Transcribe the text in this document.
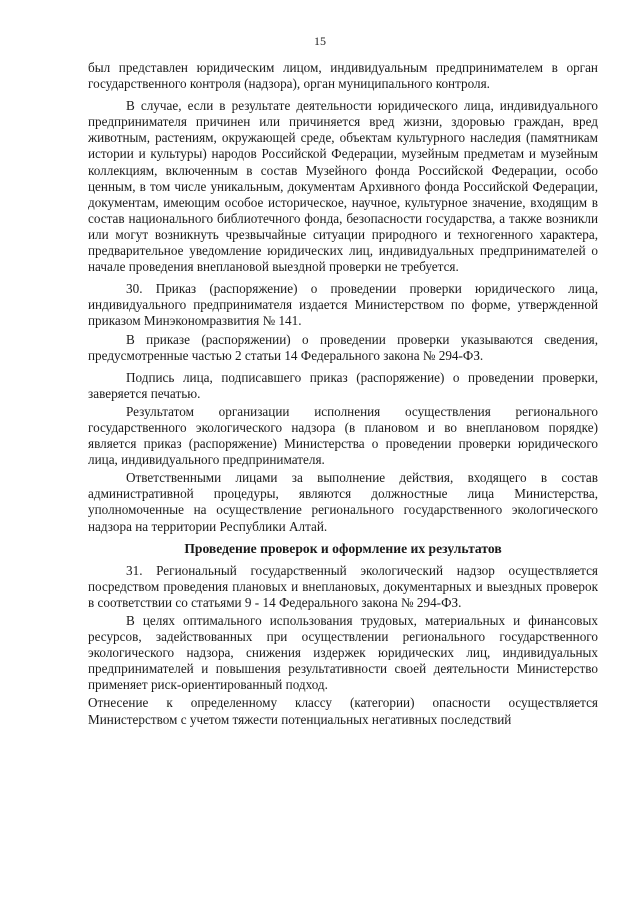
15

был представлен юридическим лицом, индивидуальным предпринимателем в орган государственного контроля (надзора), орган муниципального контроля.

В случае, если в результате деятельности юридического лица, индивидуального предпринимателя причинен или причиняется вред жизни, здоровью граждан, вред животным, растениям, окружающей среде, объектам культурного наследия (памятникам истории и культуры) народов Российской Федерации, музейным предметам и музейным коллекциям, включенным в состав Музейного фонда Российской Федерации, особо ценным, в том числе уникальным, документам Архивного фонда Российской Федерации, документам, имеющим особое историческое, научное, культурное значение, входящим в состав национального библиотечного фонда, безопасности государства, а также возникли или могут возникнуть чрезвычайные ситуации природного и техногенного характера, предварительное уведомление юридических лиц, индивидуальных предпринимателей о начале проведения внеплановой выездной проверки не требуется.

30. Приказ (распоряжение) о проведении проверки юридического лица, индивидуального предпринимателя издается Министерством по форме, утвержденной приказом Минэкономразвития № 141.

В приказе (распоряжении) о проведении проверки указываются сведения, предусмотренные частью 2 статьи 14 Федерального закона № 294-ФЗ.

Подпись лица, подписавшего приказ (распоряжение) о проведении проверки, заверяется печатью.

Результатом организации исполнения осуществления регионального государственного экологического надзора (в плановом и во внеплановом порядке) является приказ (распоряжение) Министерства о проведении проверки юридического лица, индивидуального предпринимателя.

Ответственными лицами за выполнение действия, входящего в состав административной процедуры, являются должностные лица Министерства, уполномоченные на осуществление регионального государственного экологического надзора на территории Республики Алтай.

Проведение проверок и оформление их результатов

31. Региональный государственный экологический надзор осуществляется посредством проведения плановых и внеплановых, документарных и выездных проверок в соответствии со статьями 9 - 14 Федерального закона № 294-ФЗ.

В целях оптимального использования трудовых, материальных и финансовых ресурсов, задействованных при осуществлении регионального государственного экологического надзора, снижения издержек юридических лиц, индивидуальных предпринимателей и повышения результативности своей деятельности Министерство применяет риск-ориентированный подход.

Отнесение к определенному классу (категории) опасности осуществляется Министерством с учетом тяжести потенциальных негативных последствий
